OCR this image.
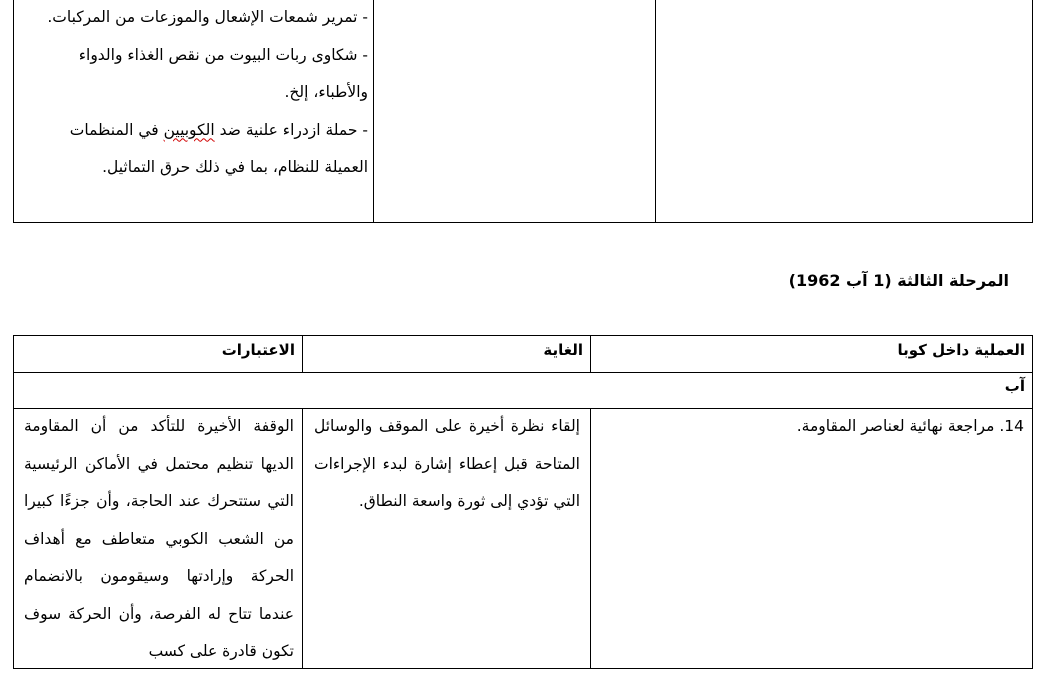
- تمرير شمعات الإشعال والموزعات من المركبات.
- شكاوى ربات البيوت من نقص الغذاء والدواء
والأطباء، إلخ.
- حملة ازدراء علنية ضد الكوبيين في المنظمات
العميلة للنظام، بما في ذلك حرق التماثيل.
المرحلة الثالثة (1 آب 1962)
الاعتبارات	الغاية	العملية داخل كوبا
آب

الوقفة الأخيرة للتأكد من أن المقاومة الديها تنظيم محتمل في الأماكن الرئيسية التي ستتحرك عند الحاجة، وأن جزءًا كبيرا من الشعب الكوبي متعاطف مع أهداف الحركة وإرادتها وسيقومون بالانضمام عندما تتاح له الفرصة، وأن الحركة سوف تكون قادرة على كسب

إلقاء نظرة أخيرة على الموقف والوسائل المتاحة قبل إعطاء إشارة لبدء الإجراءات التي تؤدي إلى ثورة واسعة النطاق.

14. مراجعة نهائية لعناصر المقاومة.
